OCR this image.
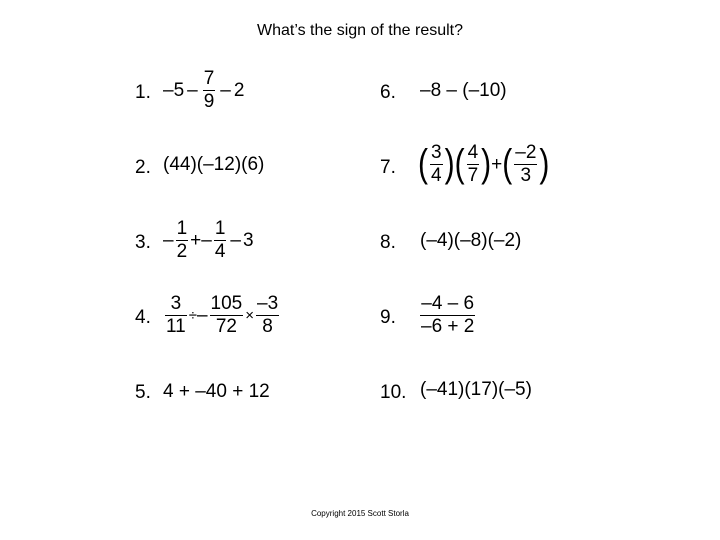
What’s the sign of the result?
1. $-5 - \frac{7}{9} - 2$
2. (44)(–12)(6)
3. – $\frac{1}{2}$ + – $\frac{1}{4} - 3$
4. $\frac{3}{11}$ ÷ – $\frac{105}{72} \times \frac{-3}{8}$
5. 4 + –40 + 12
6. –8 – (–10)
7. ( $\frac{3}{4}$ ) ( $\frac{4}{7}$ ) + ( $\frac{-2}{3}$ )
8. (–4)(–8)(–2)
9. $\frac{-4 - 6}{-6 + 2}$
10. (–41)(17)(–5)
Copyright 2015 Scott Storla
